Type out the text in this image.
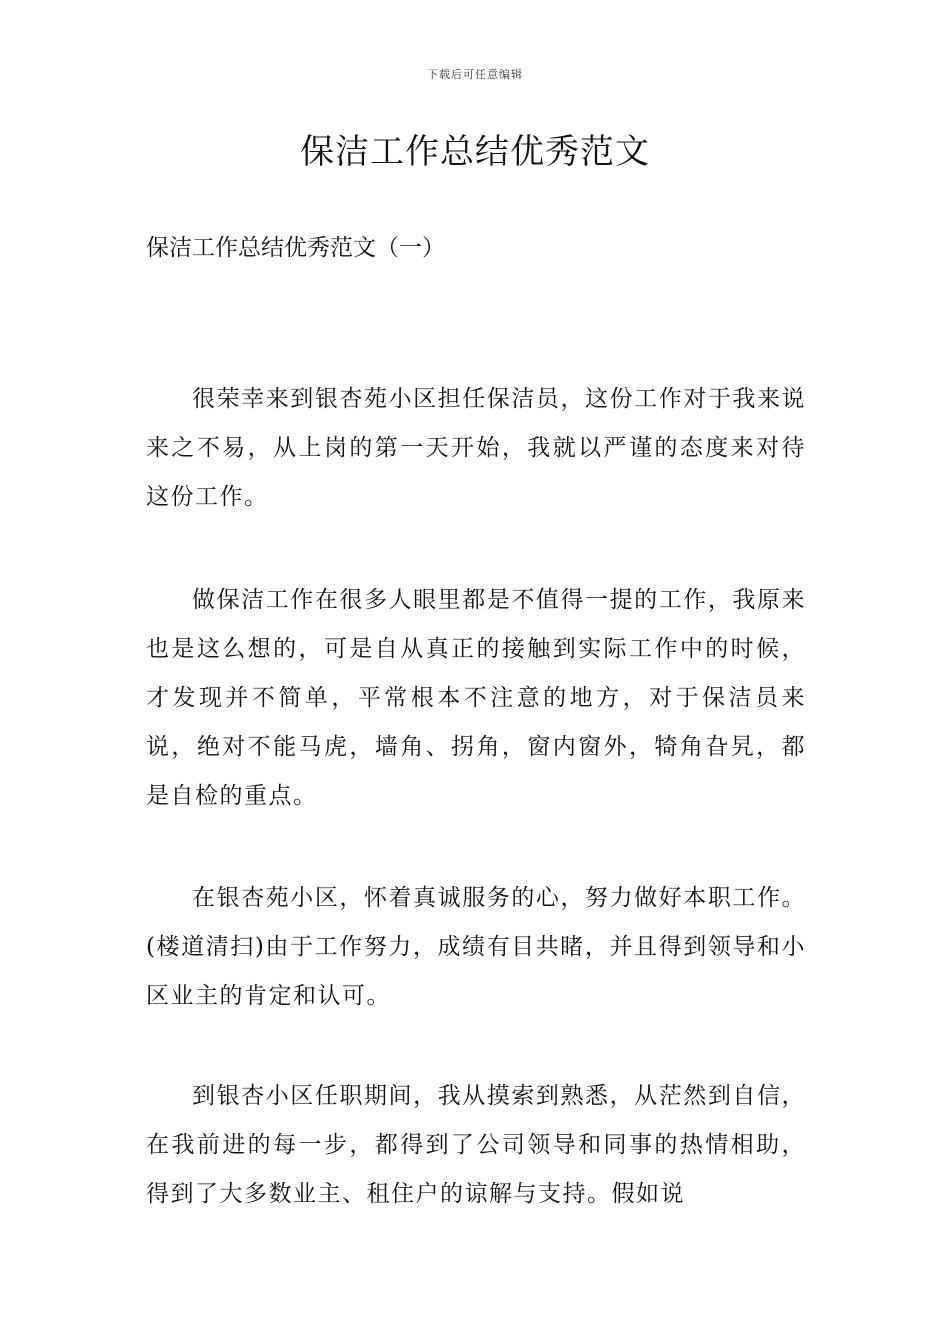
下载后可任意编辑
保洁工作总结优秀范文
保洁工作总结优秀范文（一）

很荣幸来到银杏苑小区担任保洁员，这份工作对于我来说来之不易，从上岗的第一天开始，我就以严谨的态度来对待这份工作。

做保洁工作在很多人眼里都是不值得一提的工作，我原来也是这么想的，可是自从真正的接触到实际工作中的时候，才发现并不简单，平常根本不注意的地方，对于保洁员来说，绝对不能马虎，墙角、拐角，窗内窗外，犄角旮旯，都是自检的重点。

在银杏苑小区，怀着真诚服务的心，努力做好本职工作。(楼道清扫)由于工作努力，成绩有目共睹，并且得到领导和小区业主的肯定和认可。

到银杏小区任职期间，我从摸索到熟悉，从茫然到自信，在我前进的每一步，都得到了公司领导和同事的热情相助，得到了大多数业主、租住户的谅解与支持。假如说
